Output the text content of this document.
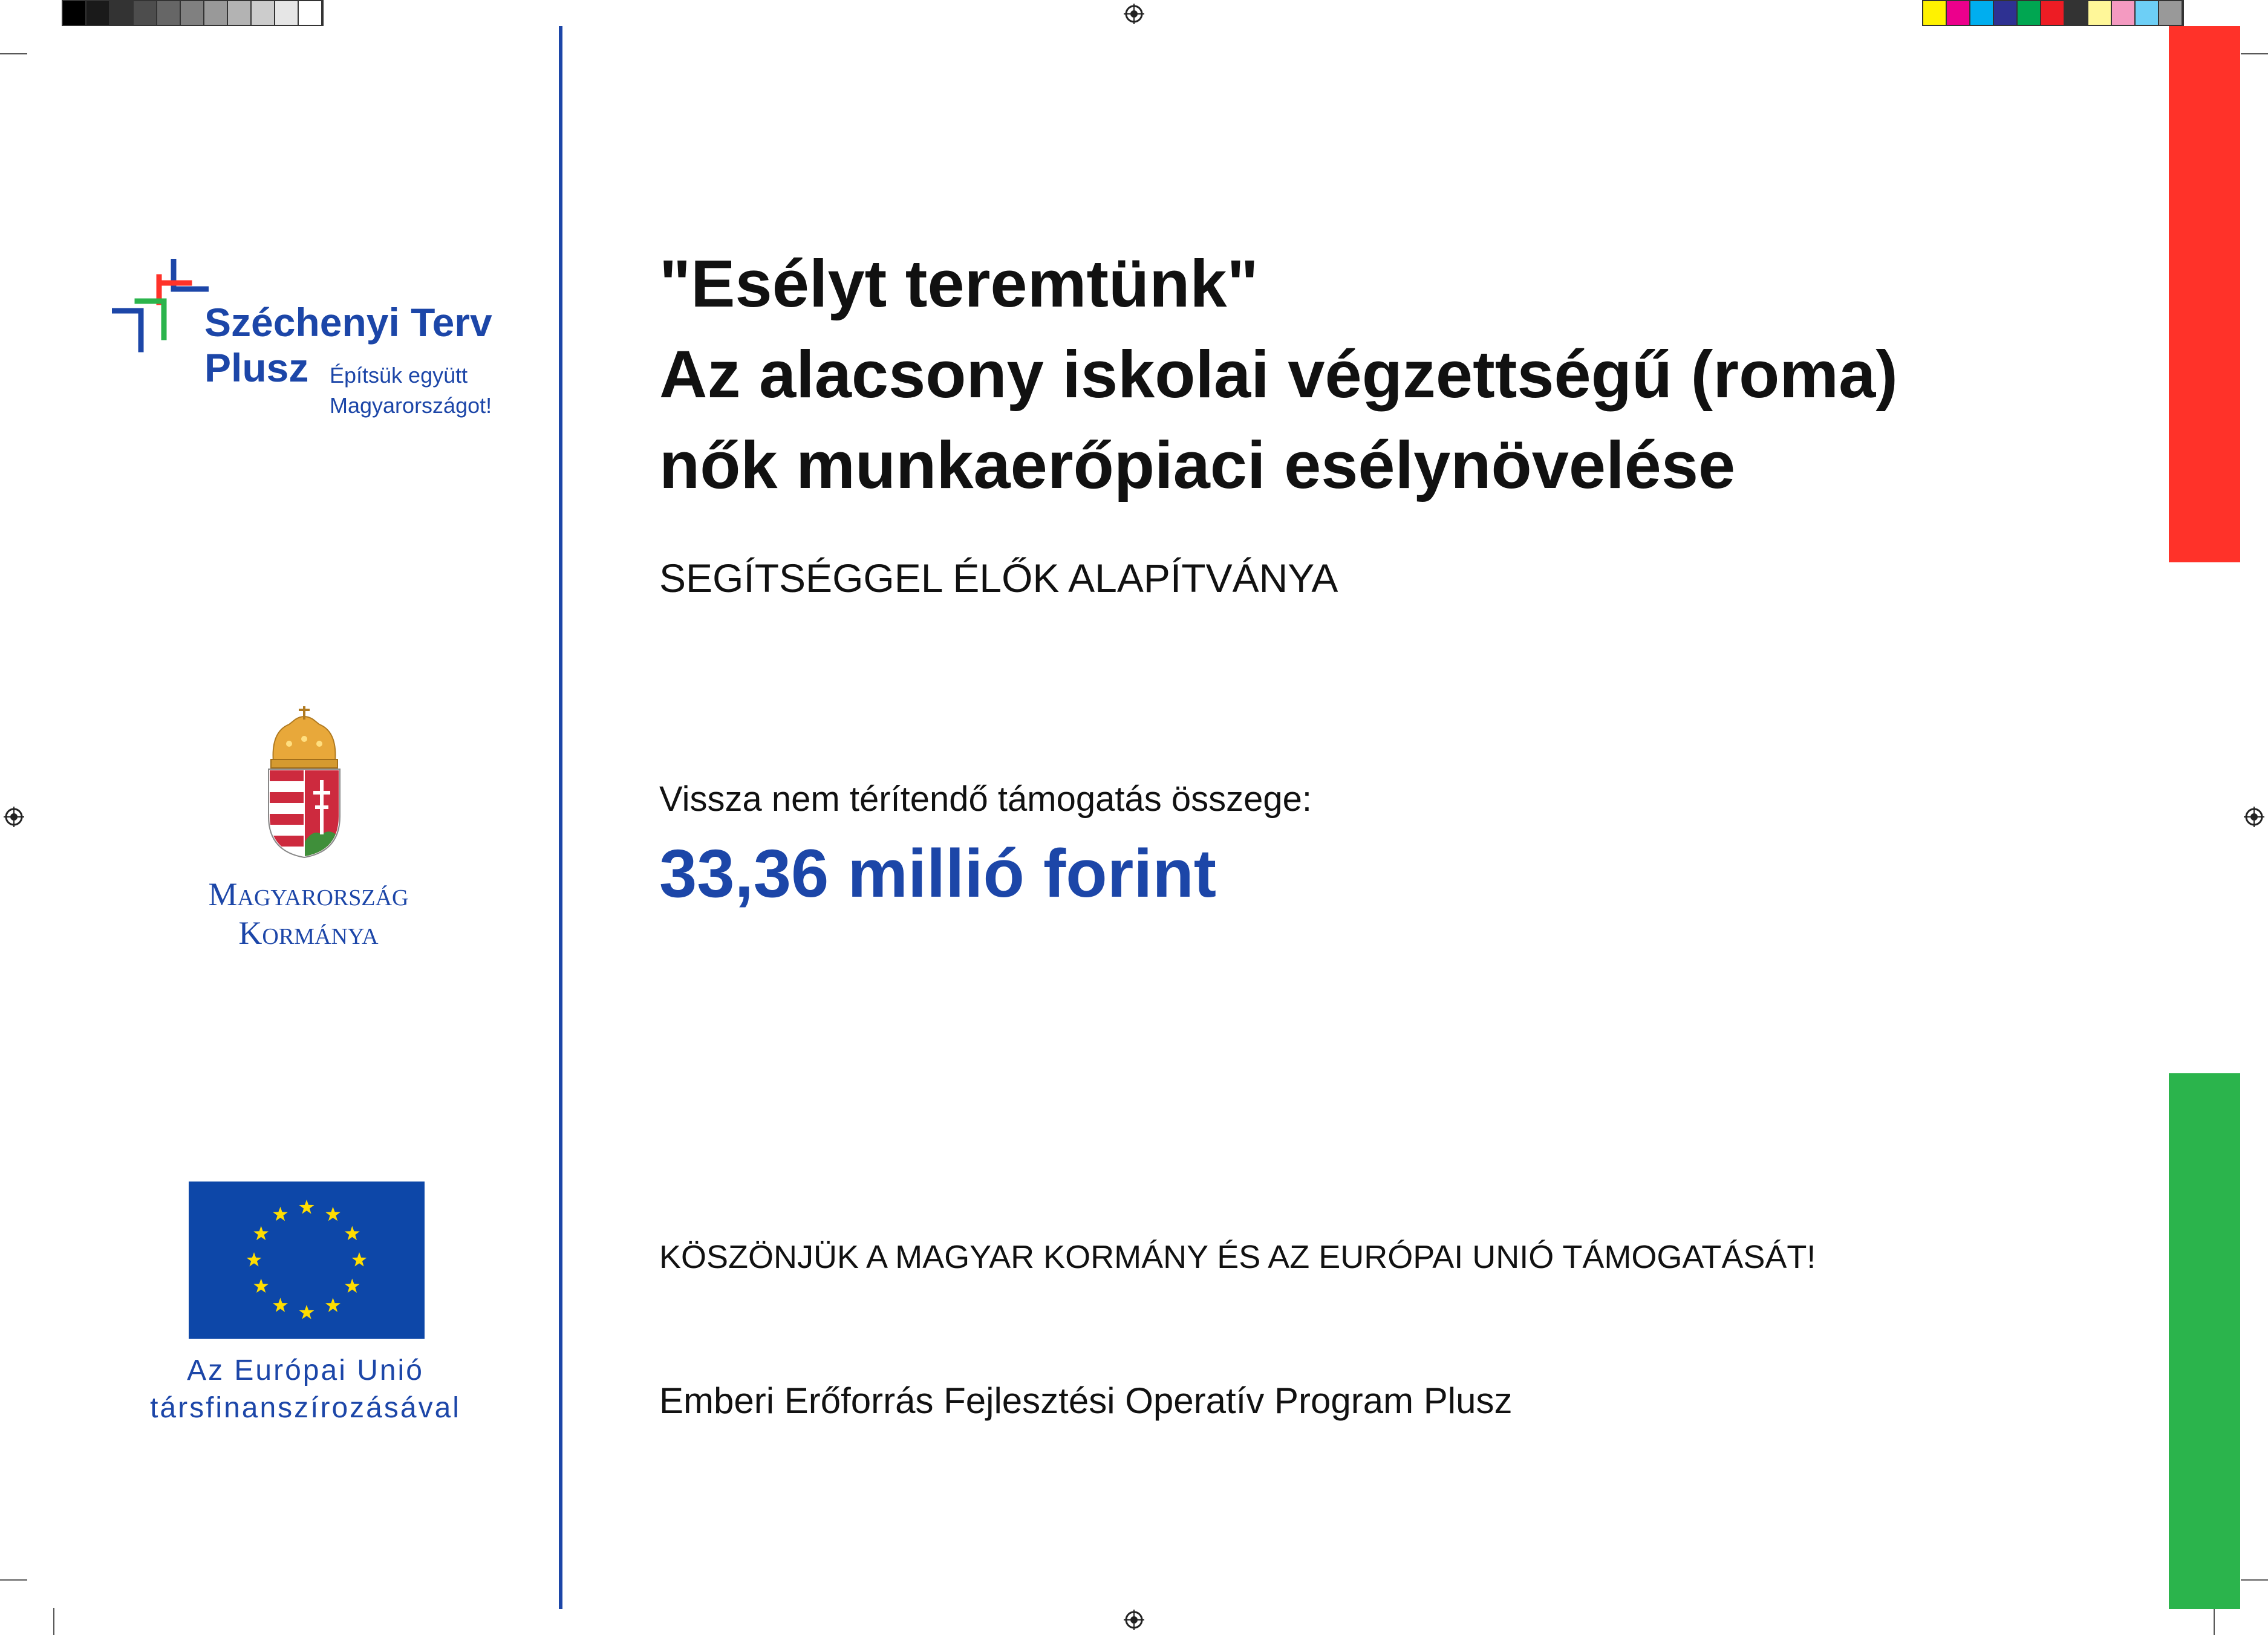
Széchenyi Terv
Plusz Építsük együtt
Magyarországot!
Magyarország
Kormánya
Az Európai Unió
társfinanszírozásával
"Esélyt teremtünk"
Az alacsony iskolai végzettségű (roma)
nők munkaerőpiaci esélynövelése
SEGÍTSÉGGEL ÉLŐK ALAPÍTVÁNYA
Vissza nem térítendő támogatás összege:
33,36 millió forint
KÖSZÖNJÜK A MAGYAR KORMÁNY ÉS AZ EURÓPAI UNIÓ TÁMOGATÁSÁT!
Emberi Erőforrás Fejlesztési Operatív Program Plusz
